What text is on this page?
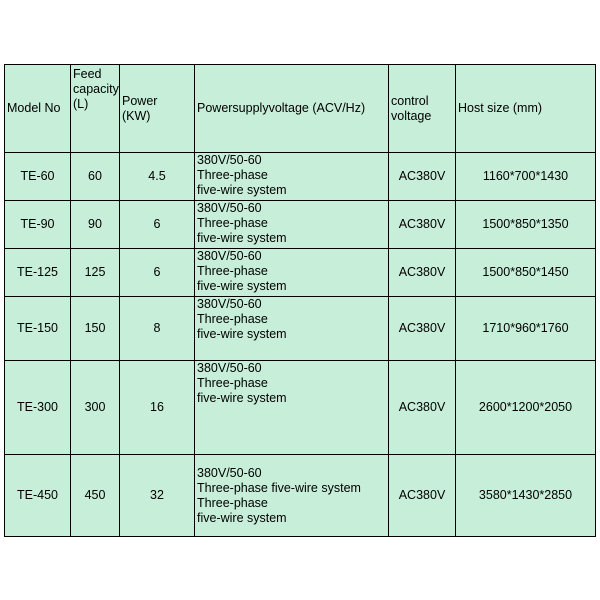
Model No	Feed
capacity
(L)	Power
(KW)	Powersupplyvoltage (ACV/Hz)	control
voltage	Host size (mm)
TE-60	60	4.5	380V/50-60
Three-phase
five-wire system	AC380V	1160*700*1430
TE-90	90	6	380V/50-60
Three-phase
five-wire system	AC380V	1500*850*1350
TE-125	125	6	380V/50-60
Three-phase
five-wire system	AC380V	1500*850*1450
TE-150	150	8	380V/50-60
Three-phase
five-wire system	AC380V	1710*960*1760
TE-300	300	16	380V/50-60
Three-phase
five-wire system	AC380V	2600*1200*2050
TE-450	450	32	380V/50-60
Three-phase five-wire system
Three-phase
five-wire system	AC380V	3580*1430*2850
